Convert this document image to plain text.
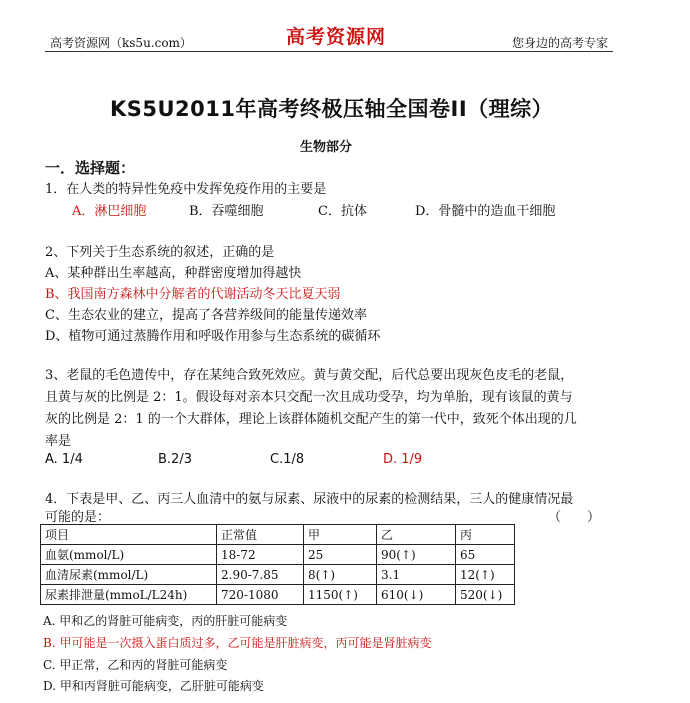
高考资源网（ks5u.com）	高考资源网	您身边的高考专家
KS5U2011年高考终极压轴全国卷II（理综）
生物部分
一．选择题：
1．在人类的特异性免疫中发挥免疫作用的主要是
A．淋巴细胞	B．吞噬细胞	C．抗体	D．骨髓中的造血干细胞
2、下列关于生态系统的叙述，正确的是
A、某种群出生率越高，种群密度增加得越快
B、我国南方森林中分解者的代谢活动冬天比夏天弱
C、生态农业的建立，提高了各营养级间的能量传递效率
D、植物可通过蒸腾作用和呼吸作用参与生态系统的碳循环
3、老鼠的毛色遗传中，存在某纯合致死效应。黄与黄交配，后代总要出现灰色皮毛的老鼠，
且黄与灰的比例是 2：1。假设每对亲本只交配一次且成功受孕，均为单胎，现有该鼠的黄与
灰的比例是 2：1 的一个大群体，理论上该群体随机交配产生的第一代中，致死个体出现的几
率是
A. 1/4	B.2/3	C.1/8	D. 1/9
4．下表是甲、乙、丙三人血清中的氨与尿素、尿液中的尿素的检测结果，三人的健康情况最
可能的是：	（　　）
项目	正常值	甲	乙	丙
血氨(mmol/L)	18-72	25	90(↑)	65
血清尿素(mmol/L)	2.90-7.85	8(↑)	3.1	12(↑)
尿素排泄量(mmoL/L24h)	720-1080	1150(↑)	610(↓)	520(↓)
A. 甲和乙的肾脏可能病变，丙的肝脏可能病变
B. 甲可能是一次摄入蛋白质过多，乙可能是肝脏病变，丙可能是肾脏病变
C. 甲正常，乙和丙的肾脏可能病变
D. 甲和丙肾脏可能病变，乙肝脏可能病变
